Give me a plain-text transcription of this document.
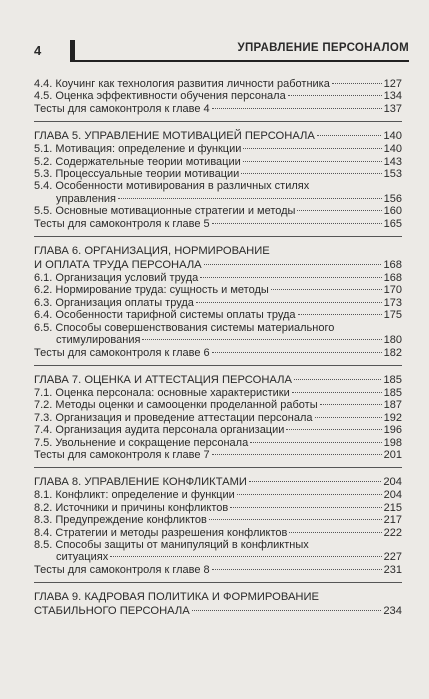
4	УПРАВЛЕНИЕ ПЕРСОНАЛОМ
4.4. Коучинг как технология развития личности работника	127
4.5. Оценка эффективности обучения персонала	134
Тесты для самоконтроля к главе 4	137
ГЛАВА 5. УПРАВЛЕНИЕ МОТИВАЦИЕЙ ПЕРСОНАЛА	140
5.1. Мотивация: определение и функции	140
5.2. Содержательные теории мотивации	143
5.3. Процессуальные теории мотивации	153
5.4. Особенности мотивирования в различных стилях
управления	156
5.5. Основные мотивационные стратегии и методы	160
Тесты для самоконтроля к главе 5	165
ГЛАВА 6. ОРГАНИЗАЦИЯ, НОРМИРОВАНИЕ
И ОПЛАТА ТРУДА ПЕРСОНАЛА	168
6.1. Организация условий труда	168
6.2. Нормирование труда: сущность и методы	170
6.3. Организация оплаты труда	173
6.4. Особенности тарифной системы оплаты труда	175
6.5. Способы совершенствования системы материального
стимулирования	180
Тесты для самоконтроля к главе 6	182
ГЛАВА 7. ОЦЕНКА И АТТЕСТАЦИЯ ПЕРСОНАЛА	185
7.1. Оценка персонала: основные характеристики	185
7.2. Методы оценки и самооценки проделанной работы	187
7.3. Организация и проведение аттестации персонала	192
7.4. Организация аудита персонала организации	196
7.5. Увольнение и сокращение персонала	198
Тесты для самоконтроля к главе 7	201
ГЛАВА 8. УПРАВЛЕНИЕ КОНФЛИКТАМИ	204
8.1. Конфликт: определение и функции	204
8.2. Источники и причины конфликтов	215
8.3. Предупреждение конфликтов	217
8.4. Стратегии и методы разрешения конфликтов	222
8.5. Способы защиты от манипуляций в конфликтных
ситуациях	227
Тесты для самоконтроля к главе 8	231
ГЛАВА 9. КАДРОВАЯ ПОЛИТИКА И ФОРМИРОВАНИЕ
СТАБИЛЬНОГО ПЕРСОНАЛА	234
